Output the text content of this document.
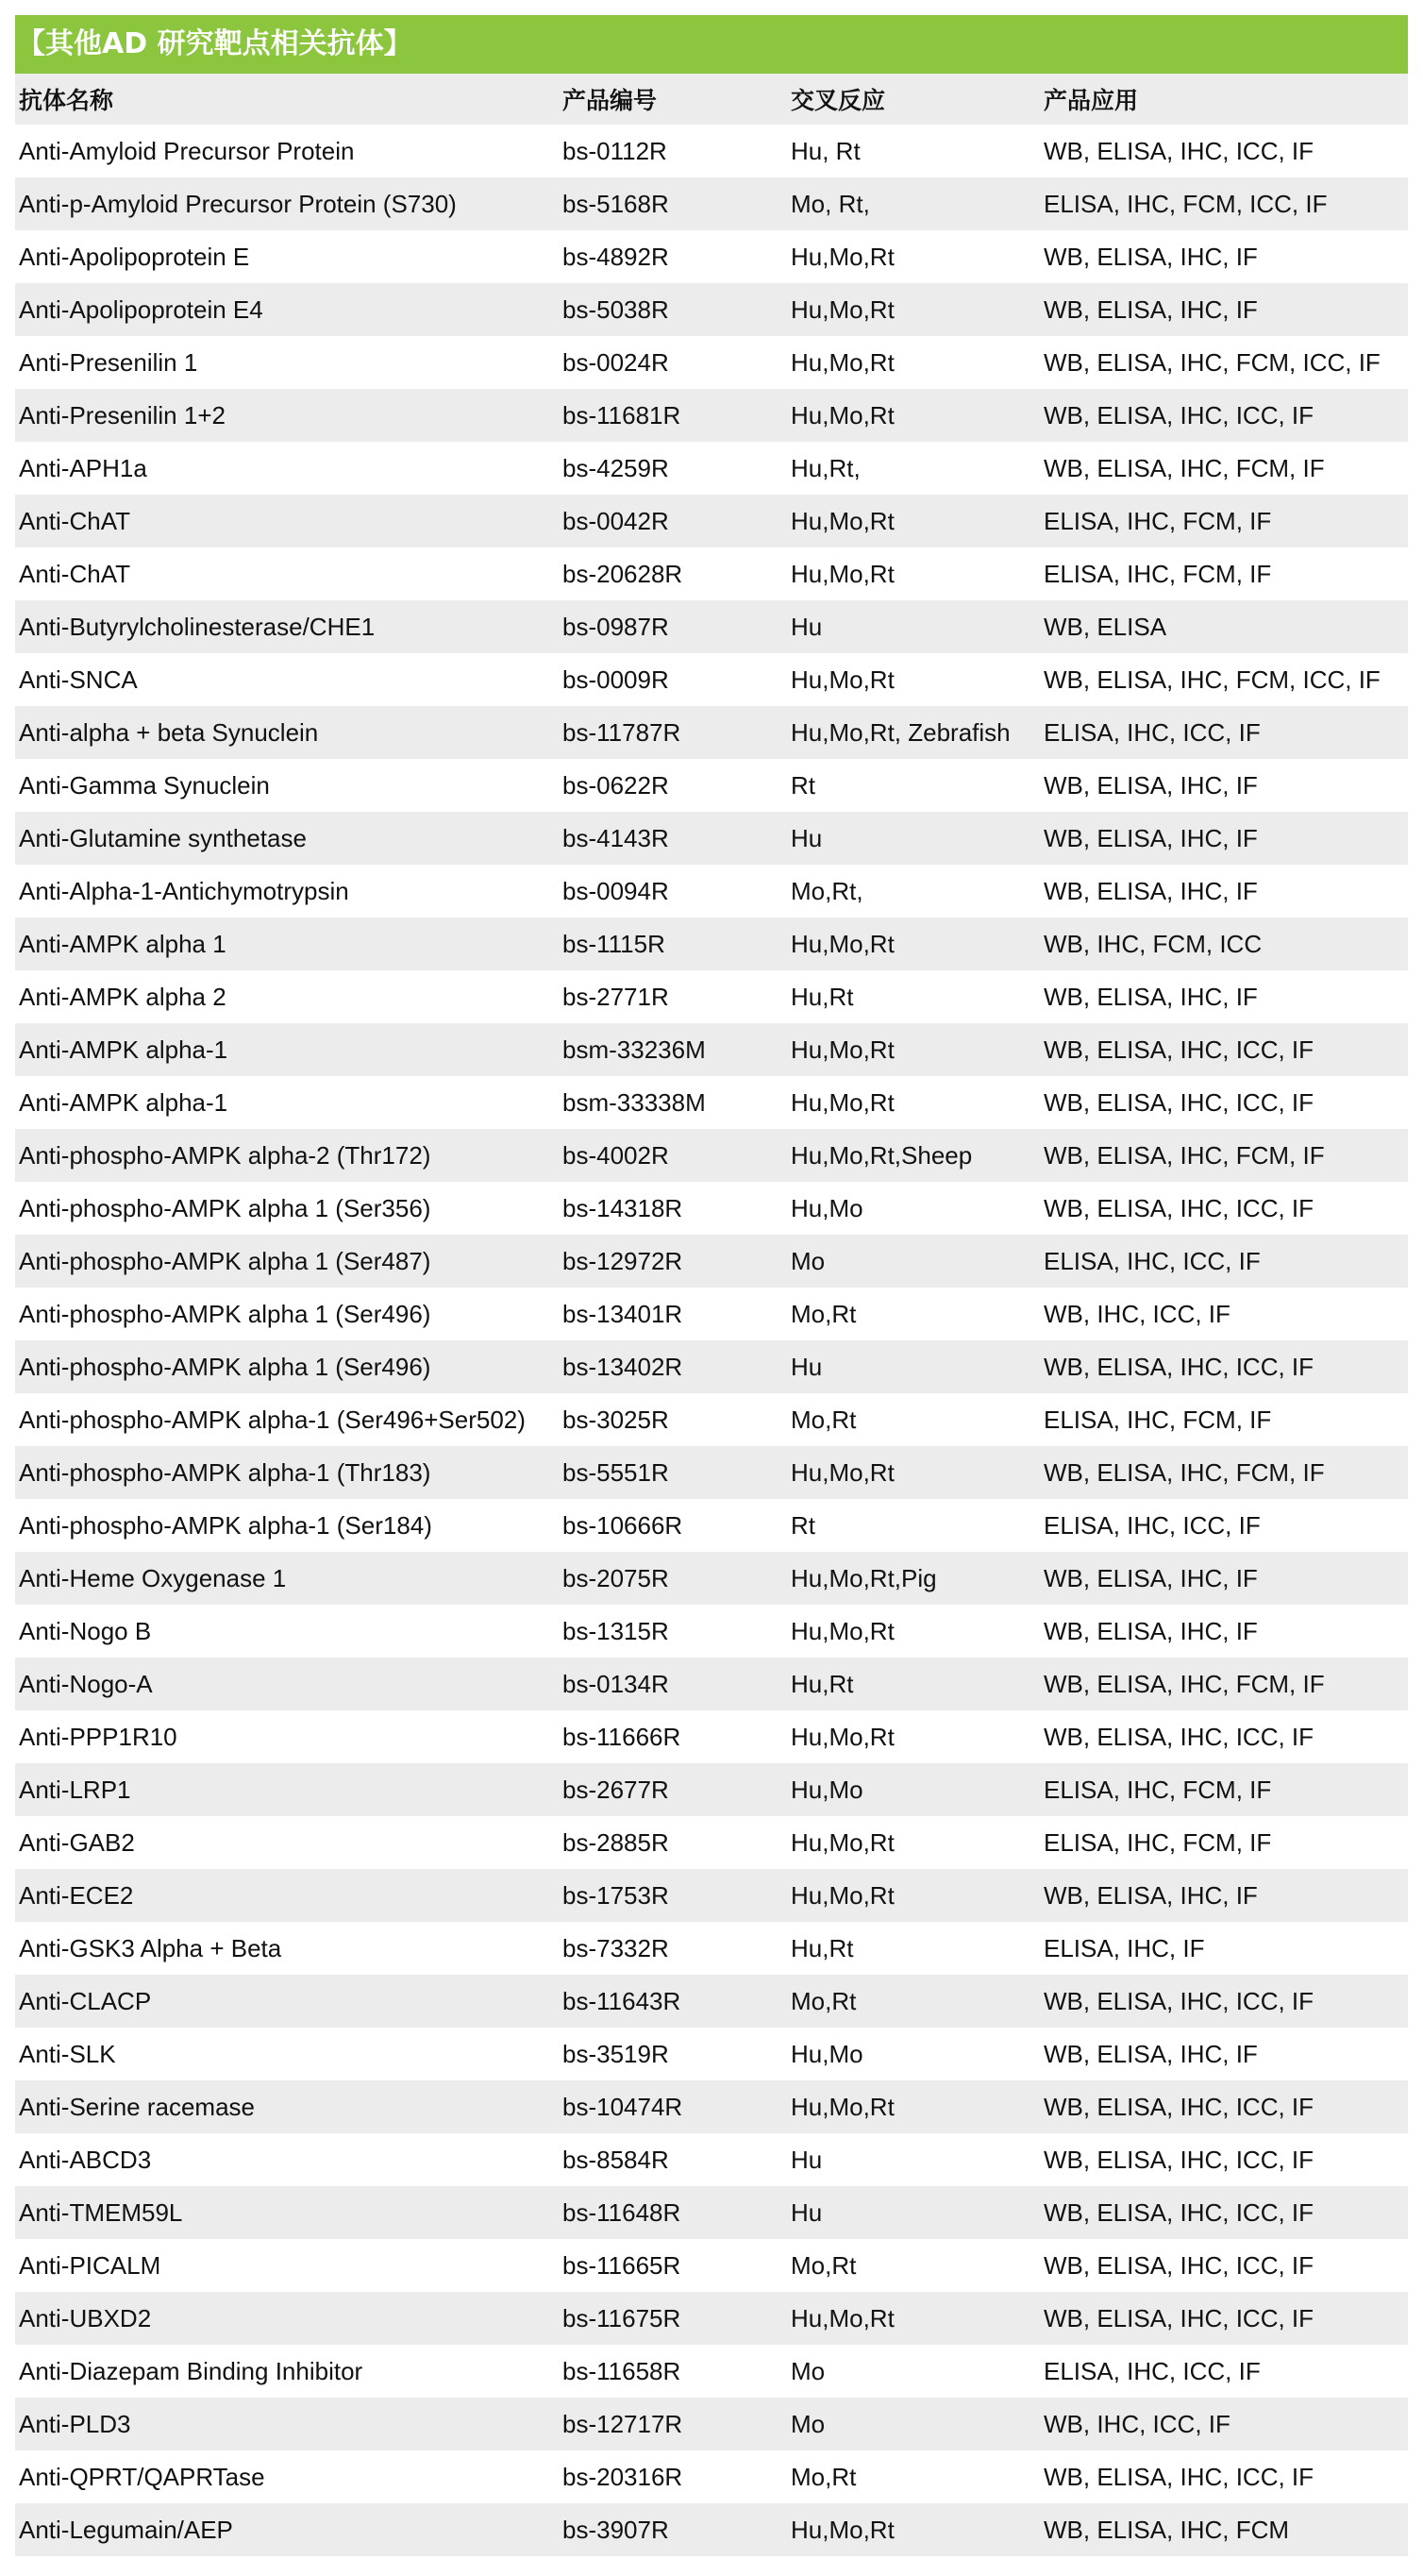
【其他AD 研究靶点相关抗体】
抗体名称	产品编号	交叉反应	产品应用
Anti-Amyloid Precursor Protein	bs-0112R	Hu, Rt	WB, ELISA, IHC, ICC, IF
Anti-p-Amyloid Precursor Protein (S730)	bs-5168R	Mo, Rt,	ELISA, IHC, FCM, ICC, IF
Anti-Apolipoprotein E	bs-4892R	Hu,Mo,Rt	WB, ELISA, IHC, IF
Anti-Apolipoprotein E4	bs-5038R	Hu,Mo,Rt	WB, ELISA, IHC, IF
Anti-Presenilin 1	bs-0024R	Hu,Mo,Rt	WB, ELISA, IHC, FCM, ICC, IF
Anti-Presenilin 1+2	bs-11681R	Hu,Mo,Rt	WB, ELISA, IHC, ICC, IF
Anti-APH1a	bs-4259R	Hu,Rt,	WB, ELISA, IHC, FCM, IF
Anti-ChAT	bs-0042R	Hu,Mo,Rt	ELISA, IHC, FCM, IF
Anti-ChAT	bs-20628R	Hu,Mo,Rt	ELISA, IHC, FCM, IF
Anti-Butyrylcholinesterase/CHE1	bs-0987R	Hu	WB, ELISA
Anti-SNCA	bs-0009R	Hu,Mo,Rt	WB, ELISA, IHC, FCM, ICC, IF
Anti-alpha + beta Synuclein	bs-11787R	Hu,Mo,Rt, Zebrafish	ELISA, IHC, ICC, IF
Anti-Gamma Synuclein	bs-0622R	Rt	WB, ELISA, IHC, IF
Anti-Glutamine synthetase	bs-4143R	Hu	WB, ELISA, IHC, IF
Anti-Alpha-1-Antichymotrypsin	bs-0094R	Mo,Rt,	WB, ELISA, IHC, IF
Anti-AMPK alpha 1	bs-1115R	Hu,Mo,Rt	WB, IHC, FCM, ICC
Anti-AMPK alpha 2	bs-2771R	Hu,Rt	WB, ELISA, IHC, IF
Anti-AMPK alpha-1	bsm-33236M	Hu,Mo,Rt	WB, ELISA, IHC, ICC, IF
Anti-AMPK alpha-1	bsm-33338M	Hu,Mo,Rt	WB, ELISA, IHC, ICC, IF
Anti-phospho-AMPK alpha-2 (Thr172)	bs-4002R	Hu,Mo,Rt,Sheep	WB, ELISA, IHC, FCM, IF
Anti-phospho-AMPK alpha 1 (Ser356)	bs-14318R	Hu,Mo	WB, ELISA, IHC, ICC, IF
Anti-phospho-AMPK alpha 1 (Ser487)	bs-12972R	Mo	ELISA, IHC, ICC, IF
Anti-phospho-AMPK alpha 1 (Ser496)	bs-13401R	Mo,Rt	WB, IHC, ICC, IF
Anti-phospho-AMPK alpha 1 (Ser496)	bs-13402R	Hu	WB, ELISA, IHC, ICC, IF
Anti-phospho-AMPK alpha-1 (Ser496+Ser502)	bs-3025R	Mo,Rt	ELISA, IHC, FCM, IF
Anti-phospho-AMPK alpha-1 (Thr183)	bs-5551R	Hu,Mo,Rt	WB, ELISA, IHC, FCM, IF
Anti-phospho-AMPK alpha-1 (Ser184)	bs-10666R	Rt	ELISA, IHC, ICC, IF
Anti-Heme Oxygenase 1	bs-2075R	Hu,Mo,Rt,Pig	WB, ELISA, IHC, IF
Anti-Nogo B	bs-1315R	Hu,Mo,Rt	WB, ELISA, IHC, IF
Anti-Nogo-A	bs-0134R	Hu,Rt	WB, ELISA, IHC, FCM, IF
Anti-PPP1R10	bs-11666R	Hu,Mo,Rt	WB, ELISA, IHC, ICC, IF
Anti-LRP1	bs-2677R	Hu,Mo	ELISA, IHC, FCM, IF
Anti-GAB2	bs-2885R	Hu,Mo,Rt	ELISA, IHC, FCM, IF
Anti-ECE2	bs-1753R	Hu,Mo,Rt	WB, ELISA, IHC, IF
Anti-GSK3 Alpha + Beta	bs-7332R	Hu,Rt	ELISA, IHC, IF
Anti-CLACP	bs-11643R	Mo,Rt	WB, ELISA, IHC, ICC, IF
Anti-SLK	bs-3519R	Hu,Mo	WB, ELISA, IHC, IF
Anti-Serine racemase	bs-10474R	Hu,Mo,Rt	WB, ELISA, IHC, ICC, IF
Anti-ABCD3	bs-8584R	Hu	WB, ELISA, IHC, ICC, IF
Anti-TMEM59L	bs-11648R	Hu	WB, ELISA, IHC, ICC, IF
Anti-PICALM	bs-11665R	Mo,Rt	WB, ELISA, IHC, ICC, IF
Anti-UBXD2	bs-11675R	Hu,Mo,Rt	WB, ELISA, IHC, ICC, IF
Anti-Diazepam Binding Inhibitor	bs-11658R	Mo	ELISA, IHC, ICC, IF
Anti-PLD3	bs-12717R	Mo	WB, IHC, ICC, IF
Anti-QPRT/QAPRTase	bs-20316R	Mo,Rt	WB, ELISA, IHC, ICC, IF
Anti-Legumain/AEP	bs-3907R	Hu,Mo,Rt	WB, ELISA, IHC, FCM
